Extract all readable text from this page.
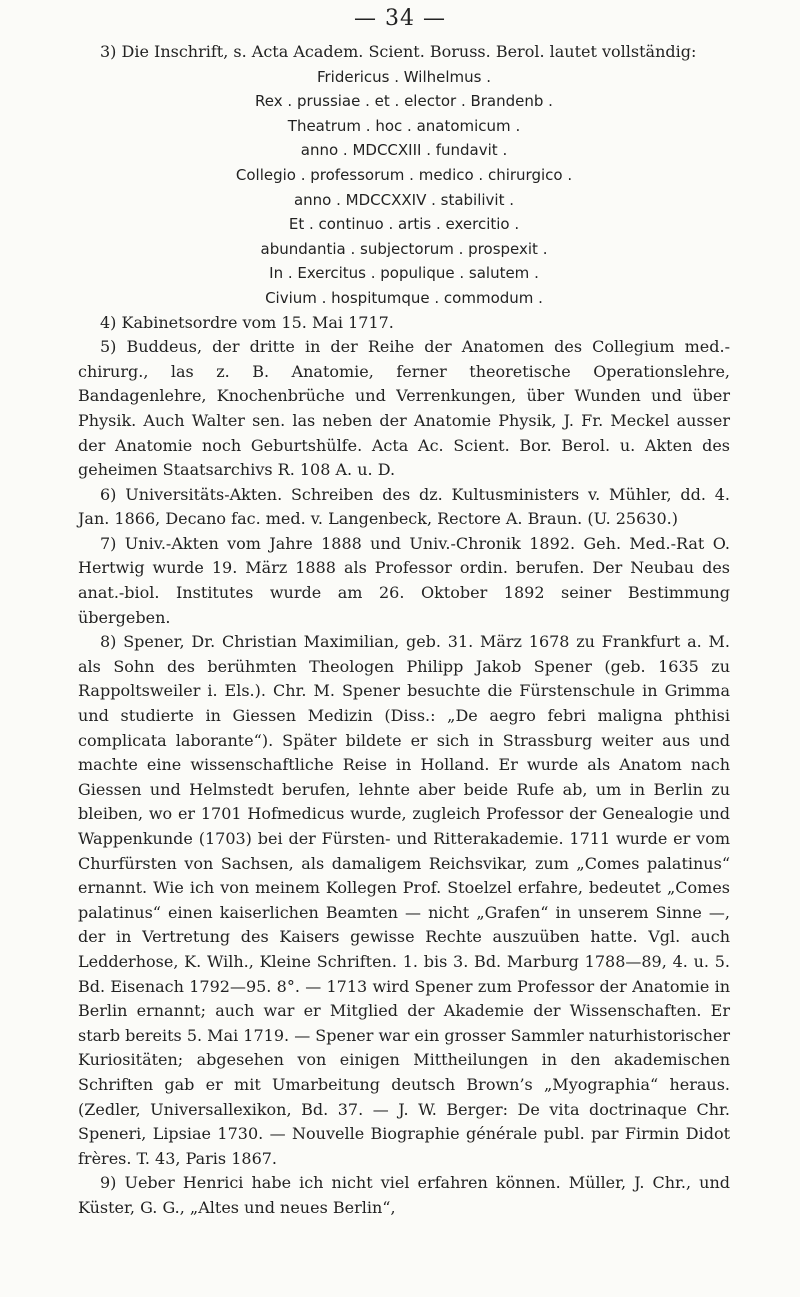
— 34 —

3) Die Inschrift, s. Acta Academ. Scient. Boruss. Berol. lautet vollständig:

Fridericus . Wilhelmus .
Rex . prussiae . et . elector . Brandenb .
Theatrum . hoc . anatomicum .
anno . MDCCXIII . fundavit .
Collegio . professorum . medico . chirurgico .
anno . MDCCXXIV . stabilivit .
Et . continuo . artis . exercitio .
abundantia . subjectorum . prospexit .
In . Exercitus . populique . salutem .
Civium . hospitumque . commodum .

4) Kabinetsordre vom 15. Mai 1717.

5) Buddeus, der dritte in der Reihe der Anatomen des Collegium med.-chirurg., las z. B. Anatomie, ferner theoretische Operationslehre, Bandagenlehre, Knochenbrüche und Verrenkungen, über Wunden und über Physik. Auch Walter sen. las neben der Anatomie Physik, J. Fr. Meckel ausser der Anatomie noch Geburtshülfe. Acta Ac. Scient. Bor. Berol. u. Akten des geheimen Staatsarchivs R. 108 A. u. D.

6) Universitäts-Akten. Schreiben des dz. Kultusministers v. Mühler, dd. 4. Jan. 1866, Decano fac. med. v. Langenbeck, Rectore A. Braun. (U. 25630.)

7) Univ.-Akten vom Jahre 1888 und Univ.-Chronik 1892. Geh. Med.-Rat O. Hertwig wurde 19. März 1888 als Professor ordin. berufen. Der Neubau des anat.-biol. Institutes wurde am 26. Oktober 1892 seiner Bestimmung übergeben.

8) Spener, Dr. Christian Maximilian, geb. 31. März 1678 zu Frankfurt a. M. als Sohn des berühmten Theologen Philipp Jakob Spener (geb. 1635 zu Rappoltsweiler i. Els.). Chr. M. Spener besuchte die Fürstenschule in Grimma und studierte in Giessen Medizin (Diss.: „De aegro febri maligna phthisi complicata laborante“). Später bildete er sich in Strassburg weiter aus und machte eine wissenschaftliche Reise in Holland. Er wurde als Anatom nach Giessen und Helmstedt berufen, lehnte aber beide Rufe ab, um in Berlin zu bleiben, wo er 1701 Hofmedicus wurde, zugleich Professor der Genealogie und Wappenkunde (1703) bei der Fürsten- und Ritterakademie. 1711 wurde er vom Churfürsten von Sachsen, als damaligem Reichsvikar, zum „Comes palatinus“ ernannt. Wie ich von meinem Kollegen Prof. Stoelzel erfahre, bedeutet „Comes palatinus“ einen kaiserlichen Beamten — nicht „Grafen“ in unserem Sinne —, der in Vertretung des Kaisers gewisse Rechte auszuüben hatte. Vgl. auch Ledderhose, K. Wilh., Kleine Schriften. 1. bis 3. Bd. Marburg 1788—89, 4. u. 5. Bd. Eisenach 1792—95. 8°. — 1713 wird Spener zum Professor der Anatomie in Berlin ernannt; auch war er Mitglied der Akademie der Wissenschaften. Er starb bereits 5. Mai 1719. — Spener war ein grosser Sammler naturhistorischer Kuriositäten; abgesehen von einigen Mittheilungen in den akademischen Schriften gab er mit Umarbeitung deutsch Brown’s „Myographia“ heraus. (Zedler, Universallexikon, Bd. 37. — J. W. Berger: De vita doctrinaque Chr. Speneri, Lipsiae 1730. — Nouvelle Biographie générale publ. par Firmin Didot frères. T. 43, Paris 1867.

9) Ueber Henrici habe ich nicht viel erfahren können. Müller, J. Chr., und Küster, G. G., „Altes und neues Berlin“,
